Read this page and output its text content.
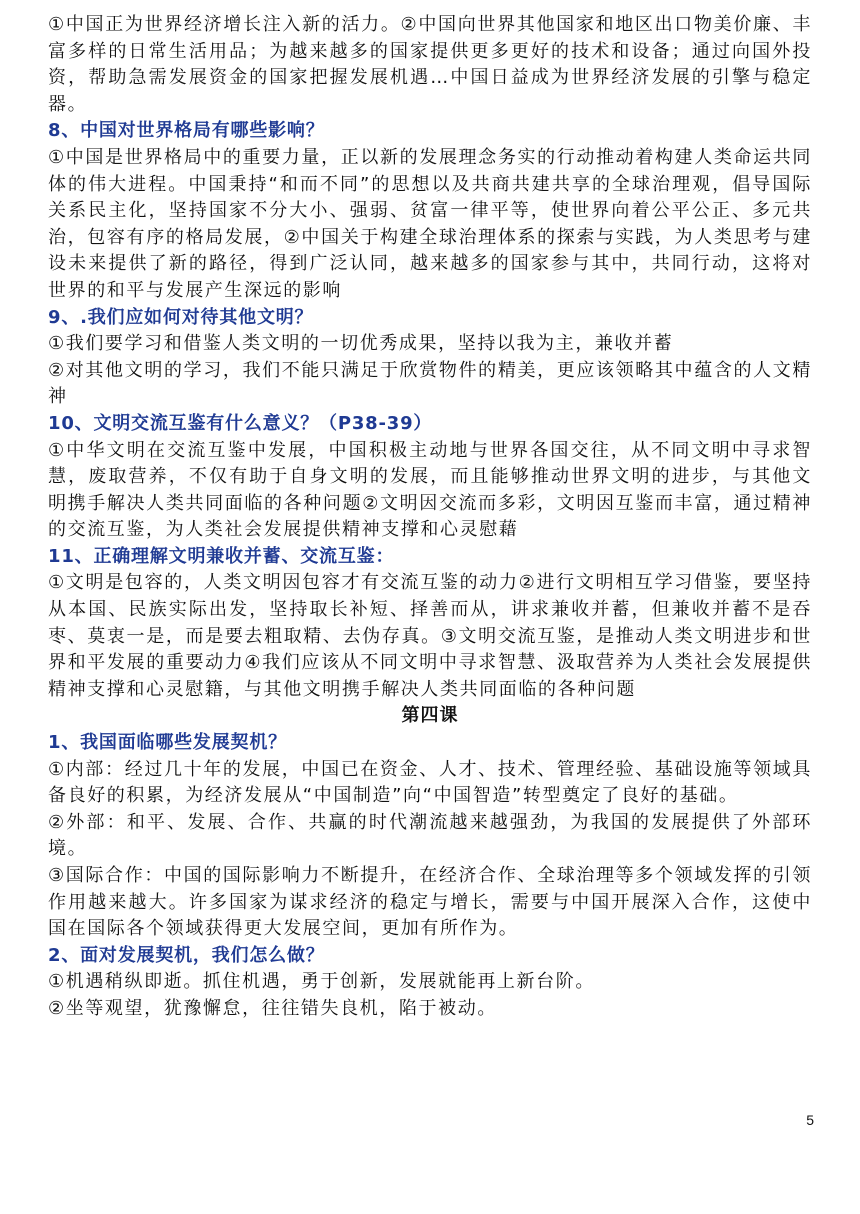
①中国正为世界经济增长注入新的活力。②中国向世界其他国家和地区出口物美价廉、丰富多样的日常生活用品；为越来越多的国家提供更多更好的技术和设备；通过向国外投资，帮助急需发展资金的国家把握发展机遇…中国日益成为世界经济发展的引擎与稳定器。

8、中国对世界格局有哪些影响？

①中国是世界格局中的重要力量，正以新的发展理念务实的行动推动着构建人类命运共同体的伟大进程。中国秉持“和而不同”的思想以及共商共建共享的全球治理观，倡导国际关系民主化，坚持国家不分大小、强弱、贫富一律平等，使世界向着公平公正、多元共治，包容有序的格局发展，②中国关于构建全球治理体系的探索与实践，为人类思考与建设未来提供了新的路径，得到广泛认同，越来越多的国家参与其中，共同行动，这将对世界的和平与发展产生深远的影响

9、.我们应如何对待其他文明？

①我们要学习和借鉴人类文明的一切优秀成果，坚持以我为主，兼收并蓄

②对其他文明的学习，我们不能只满足于欣赏物件的精美，更应该领略其中蕴含的人文精神

10、文明交流互鉴有什么意义？（P38-39）

①中华文明在交流互鉴中发展，中国积极主动地与世界各国交往，从不同文明中寻求智慧，废取营养，不仅有助于自身文明的发展，而且能够推动世界文明的进步，与其他文明携手解决人类共同面临的各种问题②文明因交流而多彩，文明因互鉴而丰富，通过精神的交流互鉴，为人类社会发展提供精神支撑和心灵慰藉

11、正确理解文明兼收并蓄、交流互鉴：

①文明是包容的，人类文明因包容才有交流互鉴的动力②进行文明相互学习借鉴，要坚持从本国、民族实际出发，坚持取长补短、择善而从，讲求兼收并蓄，但兼收并蓄不是吞枣、莫衷一是，而是要去粗取精、去伪存真。③文明交流互鉴，是推动人类文明进步和世界和平发展的重要动力④我们应该从不同文明中寻求智慧、汲取营养为人类社会发展提供精神支撑和心灵慰籍，与其他文明携手解决人类共同面临的各种问题

第四课

1、我国面临哪些发展契机？

①内部：经过几十年的发展，中国已在资金、人才、技术、管理经验、基础设施等领域具备良好的积累，为经济发展从“中国制造”向“中国智造”转型奠定了良好的基础。

②外部：和平、发展、合作、共赢的时代潮流越来越强劲，为我国的发展提供了外部环境。

③国际合作：中国的国际影响力不断提升，在经济合作、全球治理等多个领域发挥的引领作用越来越大。许多国家为谋求经济的稳定与增长，需要与中国开展深入合作，这使中国在国际各个领域获得更大发展空间，更加有所作为。

2、面对发展契机，我们怎么做？

①机遇稍纵即逝。抓住机遇，勇于创新，发展就能再上新台阶。

②坐等观望，犹豫懈怠，往往错失良机，陷于被动。

5
